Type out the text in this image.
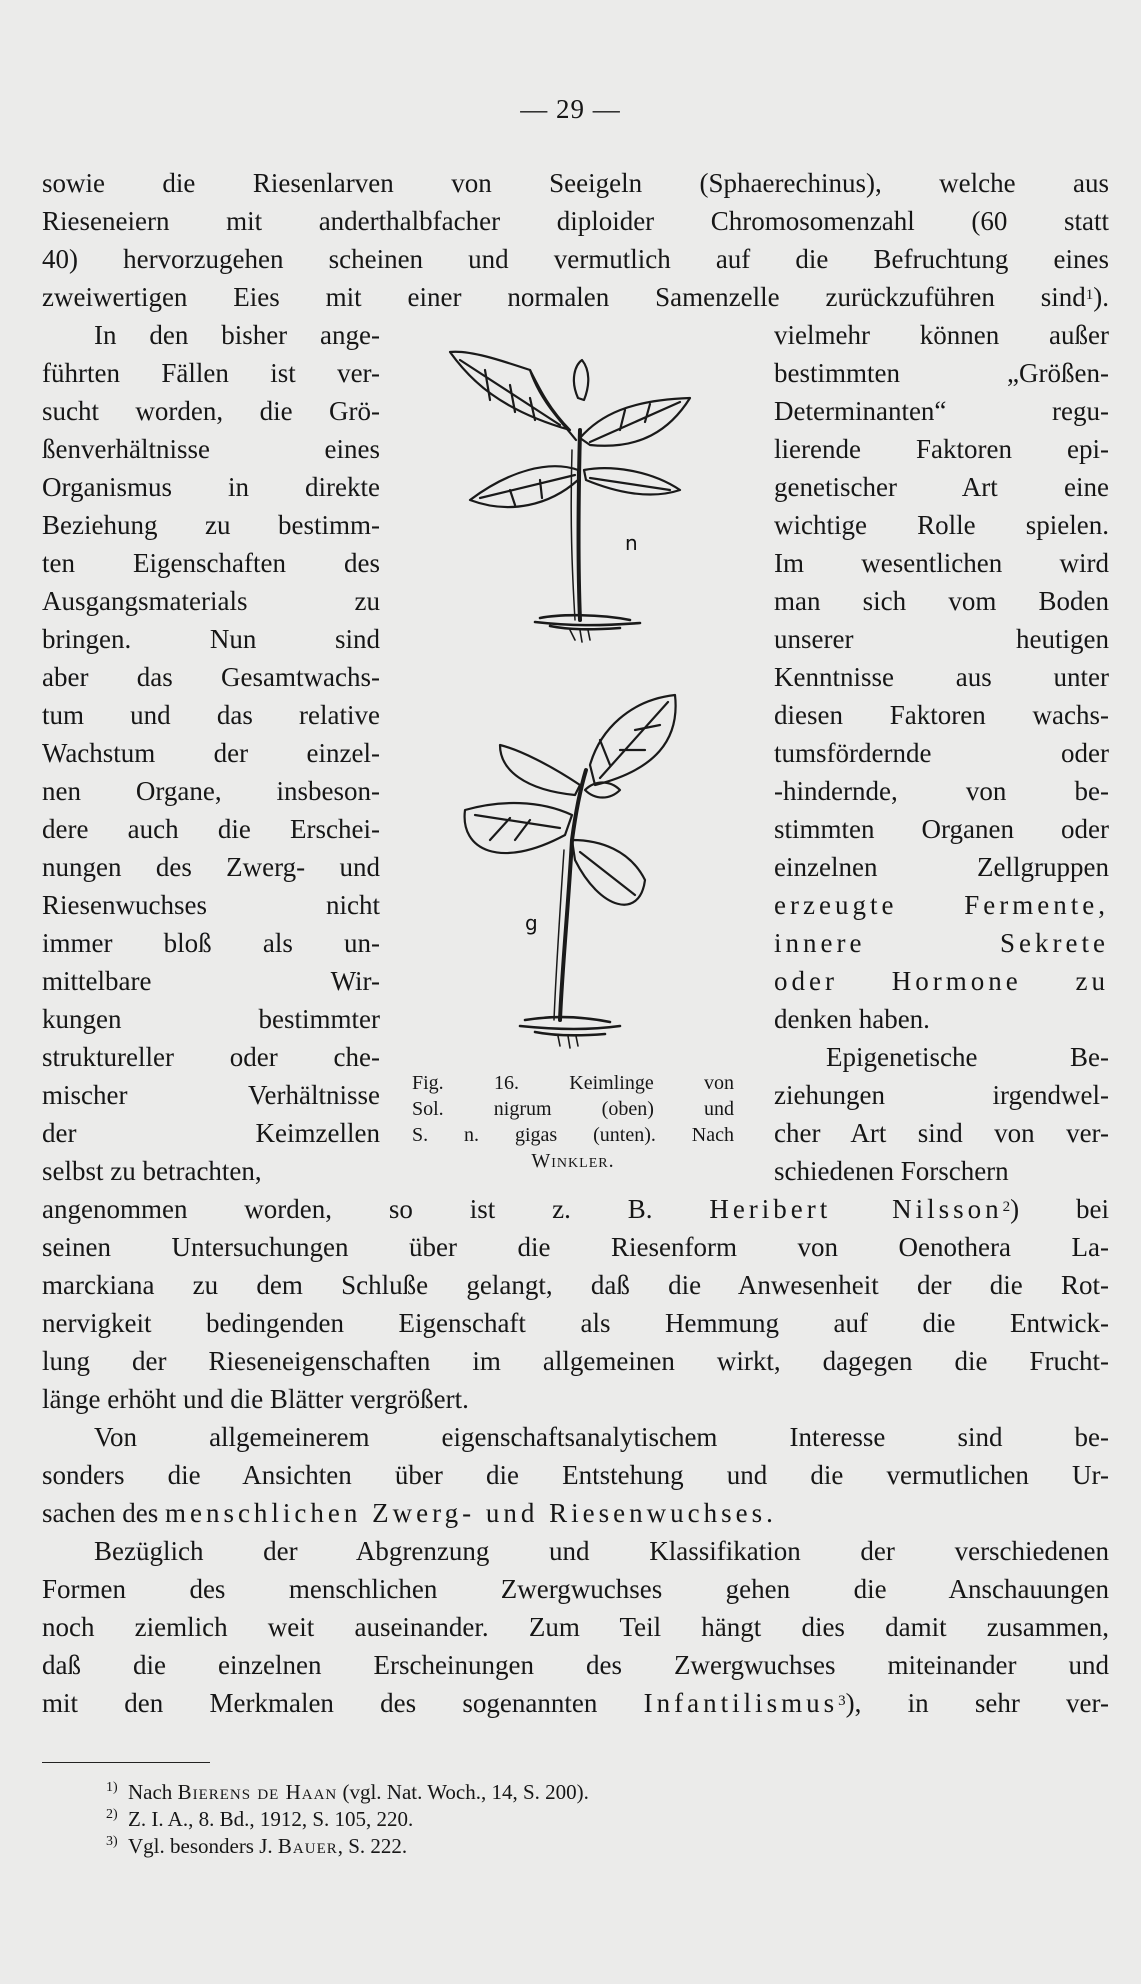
— 29 —
sowie die Riesenlarven von Seeigeln (Sphaerechinus), welche aus
Rieseneiern mit anderthalbfacher diploider Chromosomenzahl (60 statt
40) hervorzugehen scheinen und vermutlich auf die Befruchtung eines
zweiwertigen Eies mit einer normalen Samenzelle zurückzuführen sind$^1$).
In den bisher ange-
führten Fällen ist ver-
sucht worden, die Grö-
ßenverhältnisse eines
Organismus in direkte
Beziehung zu bestimm-
ten Eigenschaften des
Ausgangsmaterials zu
bringen. Nun sind
aber das Gesamtwachs-
tum und das relative
Wachstum der einzel-
nen Organe, insbeson-
dere auch die Erschei-
nungen des Zwerg- und
Riesenwuchses nicht
immer bloß als un-
mittelbare Wir-
kungen bestimmter
struktureller oder che-
mischer Verhältnisse
der Keimzellen
selbst zu betrachten,
vielmehr können außer
bestimmten „Größen-
Determinanten“ regu-
lierende Faktoren epi-
genetischer Art eine
wichtige Rolle spielen.
Im wesentlichen wird
man sich vom Boden
unserer heutigen
Kenntnisse aus unter
diesen Faktoren wachs-
tumsfördernde oder
-hindernde, von be-
stimmten Organen oder
einzelnen Zellgruppen
erzeugte Fermente,
innere Sekrete
oder Hormone zu
denken haben.
Epigenetische Be-
ziehungen irgendwel-
cher Art sind von ver-
schiedenen Forschern
n
g
Fig. 16. Keimlinge von
Sol. nigrum (oben) und
S. n. gigas (unten). Nach
Winkler.
angenommen worden, so ist z. B. Heribert Nilsson$^2$) bei
seinen Untersuchungen über die Riesenform von Oenothera La-
marckiana zu dem Schluße gelangt, daß die Anwesenheit der die Rot-
nervigkeit bedingenden Eigenschaft als Hemmung auf die Entwick-
lung der Rieseneigenschaften im allgemeinen wirkt, dagegen die Frucht-
länge erhöht und die Blätter vergrößert.
Von allgemeinerem eigenschaftsanalytischem Interesse sind be-
sonders die Ansichten über die Entstehung und die vermutlichen Ur-
sachen des menschlichen Zwerg- und Riesenwuchses.
Bezüglich der Abgrenzung und Klassifikation der verschiedenen
Formen des menschlichen Zwergwuchses gehen die Anschauungen
noch ziemlich weit auseinander. Zum Teil hängt dies damit zusammen,
daß die einzelnen Erscheinungen des Zwergwuchses miteinander und
mit den Merkmalen des sogenannten Infantilismus$^3$), in sehr ver-
1) Nach Bierens de Haan (vgl. Nat. Woch., 14, S. 200).
2) Z. I. A., 8. Bd., 1912, S. 105, 220.
3) Vgl. besonders J. Bauer, S. 222.
